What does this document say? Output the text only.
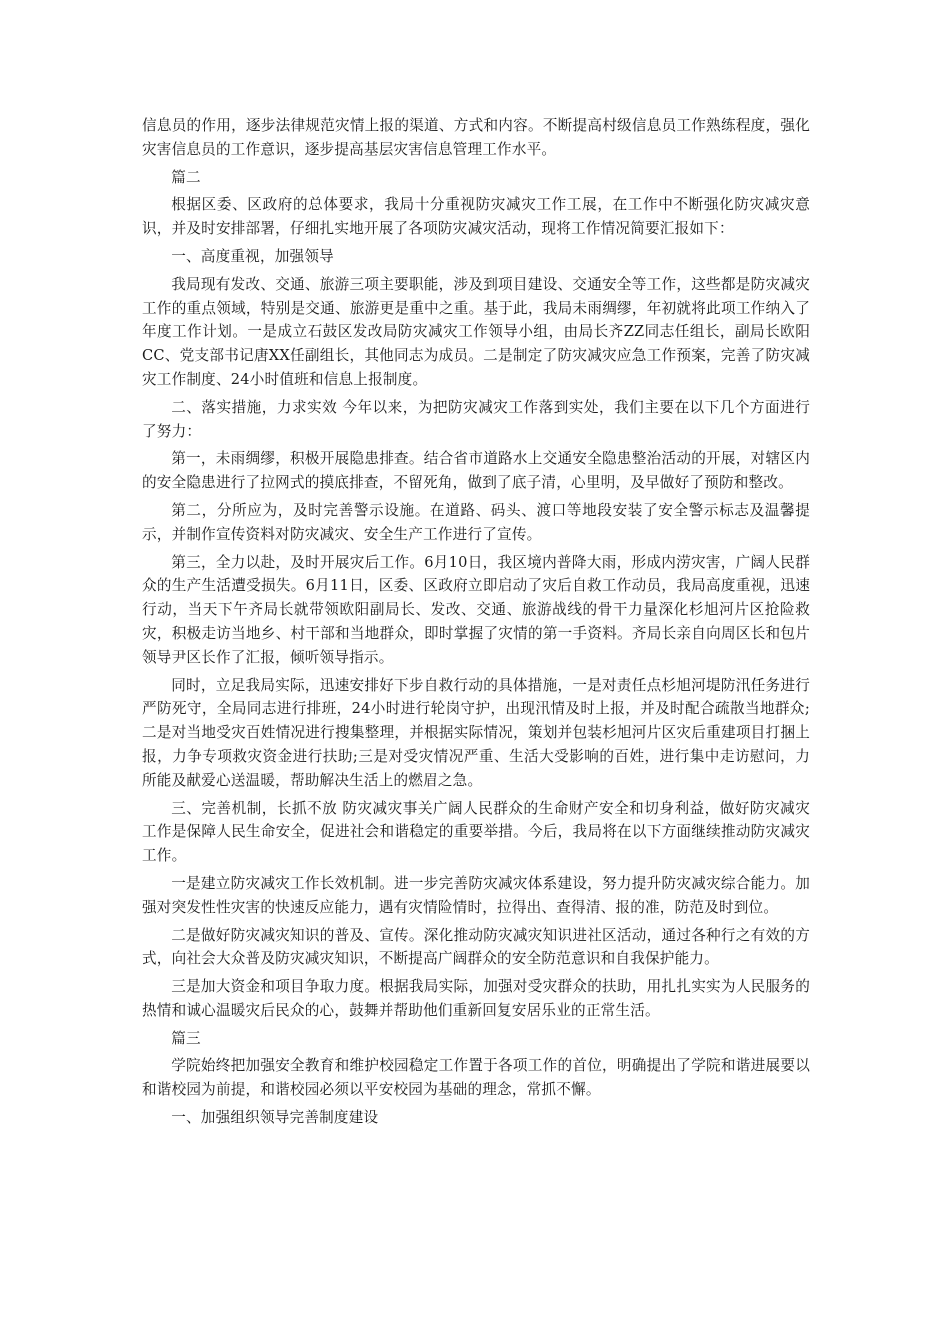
信息员的作用，逐步法律规范灾情上报的渠道、方式和内容。不断提高村级信息员工作熟练程度，强化灾害信息员的工作意识，逐步提高基层灾害信息管理工作水平。

篇二

根据区委、区政府的总体要求，我局十分重视防灾减灾工作工展，在工作中不断强化防灾减灾意识，并及时安排部署，仔细扎实地开展了各项防灾减灾活动，现将工作情况简要汇报如下：

一、高度重视，加强领导

我局现有发改、交通、旅游三项主要职能，涉及到项目建设、交通安全等工作，这些都是防灾减灾工作的重点领域，特别是交通、旅游更是重中之重。基于此，我局未雨绸缪，年初就将此项工作纳入了年度工作计划。一是成立石鼓区发改局防灾减灾工作领导小组，由局长齐ZZ同志任组长，副局长欧阳CC、党支部书记唐XX任副组长，其他同志为成员。二是制定了防灾减灾应急工作预案，完善了防灾减灾工作制度、24小时值班和信息上报制度。

二、落实措施，力求实效 今年以来，为把防灾减灾工作落到实处，我们主要在以下几个方面进行了努力：

第一，未雨绸缪，积极开展隐患排查。结合省市道路水上交通安全隐患整治活动的开展，对辖区内的安全隐患进行了拉网式的摸底排查，不留死角，做到了底子清，心里明，及早做好了预防和整改。

第二，分所应为，及时完善警示设施。在道路、码头、渡口等地段安装了安全警示标志及温馨提示，并制作宣传资料对防灾减灾、安全生产工作进行了宣传。

第三，全力以赴，及时开展灾后工作。6月10日，我区境内普降大雨，形成内涝灾害，广阔人民群众的生产生活遭受损失。6月11日，区委、区政府立即启动了灾后自救工作动员，我局高度重视，迅速行动，当天下午齐局长就带领欧阳副局长、发改、交通、旅游战线的骨干力量深化杉旭河片区抢险救灾，积极走访当地乡、村干部和当地群众，即时掌握了灾情的第一手资料。齐局长亲自向周区长和包片领导尹区长作了汇报，倾听领导指示。

同时，立足我局实际，迅速安排好下步自救行动的具体措施，一是对责任点杉旭河堤防汛任务进行严防死守，全局同志进行排班，24小时进行轮岗守护，出现汛情及时上报，并及时配合疏散当地群众;二是对当地受灾百姓情况进行搜集整理，并根据实际情况，策划并包装杉旭河片区灾后重建项目打捆上报，力争专项救灾资金进行扶助;三是对受灾情况严重、生活大受影响的百姓，进行集中走访慰问，力所能及献爱心送温暖，帮助解决生活上的燃眉之急。

三、完善机制，长抓不放 防灾减灾事关广阔人民群众的生命财产安全和切身利益，做好防灾减灾工作是保障人民生命安全，促进社会和谐稳定的重要举措。今后，我局将在以下方面继续推动防灾减灾工作。

一是建立防灾减灾工作长效机制。进一步完善防灾减灾体系建设，努力提升防灾减灾综合能力。加强对突发性性灾害的快速反应能力，遇有灾情险情时，拉得出、查得清、报的准，防范及时到位。

二是做好防灾减灾知识的普及、宣传。深化推动防灾减灾知识进社区活动，通过各种行之有效的方式，向社会大众普及防灾减灾知识，不断提高广阔群众的安全防范意识和自我保护能力。

三是加大资金和项目争取力度。根据我局实际，加强对受灾群众的扶助，用扎扎实实为人民服务的热情和诚心温暖灾后民众的心，鼓舞并帮助他们重新回复安居乐业的正常生活。

篇三

学院始终把加强安全教育和维护校园稳定工作置于各项工作的首位，明确提出了学院和谐进展要以和谐校园为前提，和谐校园必须以平安校园为基础的理念，常抓不懈。

一、加强组织领导完善制度建设
